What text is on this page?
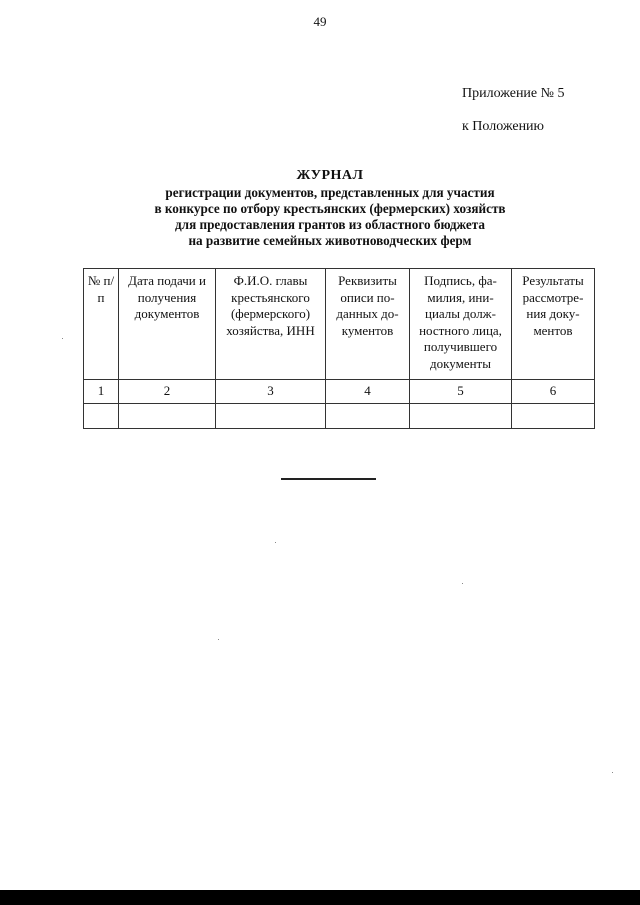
49
Приложение № 5
к Положению
ЖУРНАЛ
регистрации документов, представленных для участия
в конкурсе по отбору крестьянских (фермерских) хозяйств
для предоставления грантов из областного бюджета
на развитие семейных животноводческих ферм
№ п/п	Дата подачи и получения документов	Ф.И.О. главы крестьянского (фермерского) хозяйства, ИНН	Реквизиты описи по-данных до-кументов	Подпись, фа-милия, ини-циалы долж-ностного лица, получившего документы	Результаты рассмотре-ния доку-ментов
1	2	3	4	5	6
